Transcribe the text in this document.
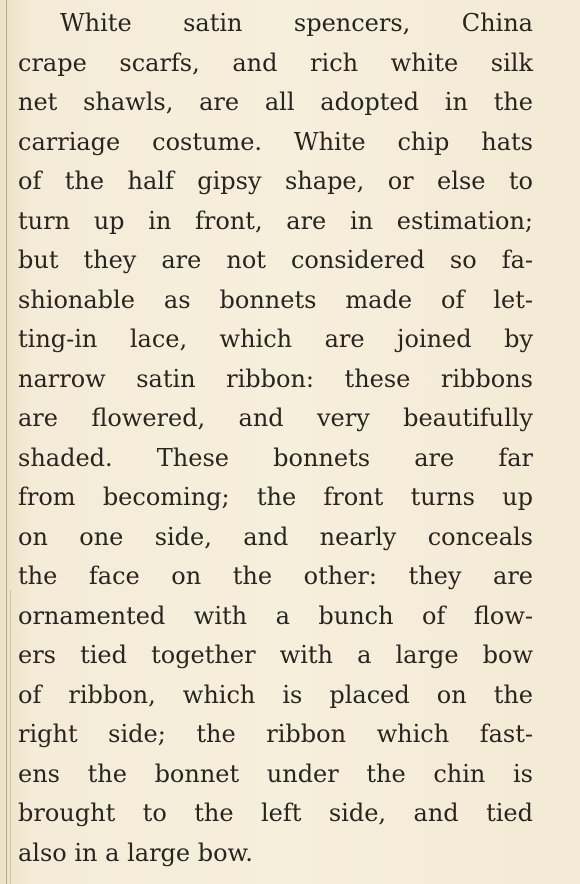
White satin spencers, China
crape scarfs, and rich white silk
net shawls, are all adopted in the
carriage costume. White chip hats
of the half gipsy shape, or else to
turn up in front, are in estimation;
but they are not considered so fa-
shionable as bonnets made of let-
ting-in lace, which are joined by
narrow satin ribbon: these ribbons
are flowered, and very beautifully
shaded. These bonnets are far
from becoming; the front turns up
on one side, and nearly conceals
the face on the other: they are
ornamented with a bunch of flow-
ers tied together with a large bow
of ribbon, which is placed on the
right side; the ribbon which fast-
ens the bonnet under the chin is
brought to the left side, and tied
also in a large bow.
